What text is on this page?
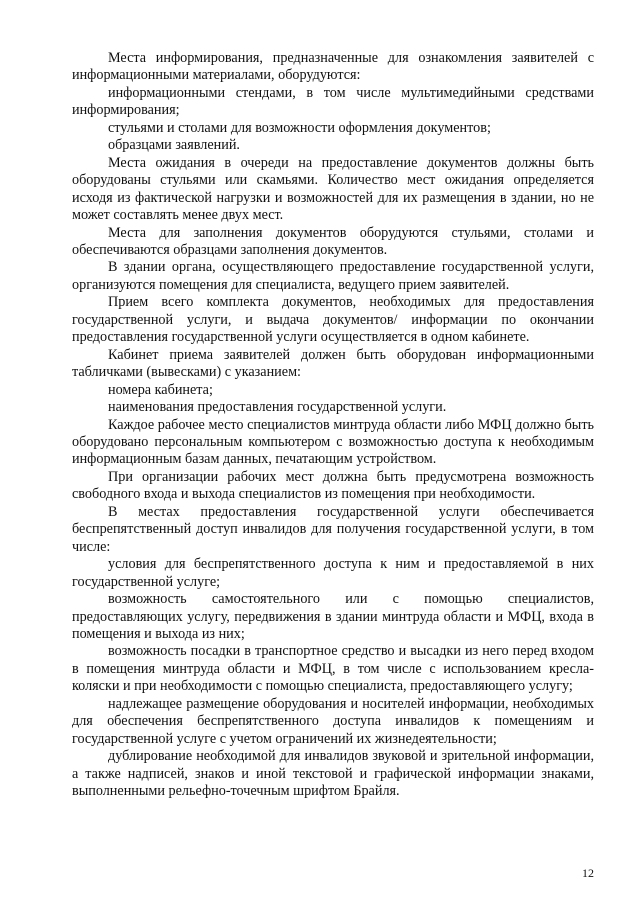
Места информирования, предназначенные для ознакомления заявителей с информационными материалами, оборудуются:

информационными стендами, в том числе мультимедийными средствами информирования;

стульями и столами для возможности оформления документов;

образцами заявлений.

Места ожидания в очереди на предоставление документов должны быть оборудованы стульями или скамьями. Количество мест ожидания определяется исходя из фактической нагрузки и возможностей для их размещения в здании, но не может составлять менее двух мест.

Места для заполнения документов оборудуются стульями, столами и обеспечиваются образцами заполнения документов.

В здании органа, осуществляющего предоставление государственной услуги, организуются помещения для специалиста, ведущего прием заявителей.

Прием всего комплекта документов, необходимых для предоставления государственной услуги, и выдача документов/ информации по окончании предоставления государственной услуги осуществляется в одном кабинете.

Кабинет приема заявителей должен быть оборудован информационными табличками (вывесками) с указанием:

номера кабинета;

наименования предоставления государственной услуги.

Каждое рабочее место специалистов минтруда области либо МФЦ должно быть оборудовано персональным компьютером с возможностью доступа к необходимым информационным базам данных, печатающим устройством.

При организации рабочих мест должна быть предусмотрена возможность свободного входа и выхода специалистов из помещения при необходимости.

В местах предоставления государственной услуги обеспечивается беспрепятственный доступ инвалидов для получения государственной услуги, в том числе:

условия для беспрепятственного доступа к ним и предоставляемой в них государственной услуге;

возможность самостоятельного или с помощью специалистов, предоставляющих услугу, передвижения в здании минтруда области и МФЦ, входа в помещения и выхода из них;

возможность посадки в транспортное средство и высадки из него перед входом в помещения минтруда области и МФЦ, в том числе с использованием кресла-коляски и при необходимости с помощью специалиста, предоставляющего услугу;

надлежащее размещение оборудования и носителей информации, необходимых для обеспечения беспрепятственного доступа инвалидов к помещениям и государственной услуге с учетом ограничений их жизнедеятельности;

дублирование необходимой для инвалидов звуковой и зрительной информации, а также надписей, знаков и иной текстовой и графической информации знаками, выполненными рельефно-точечным шрифтом Брайля.

12
